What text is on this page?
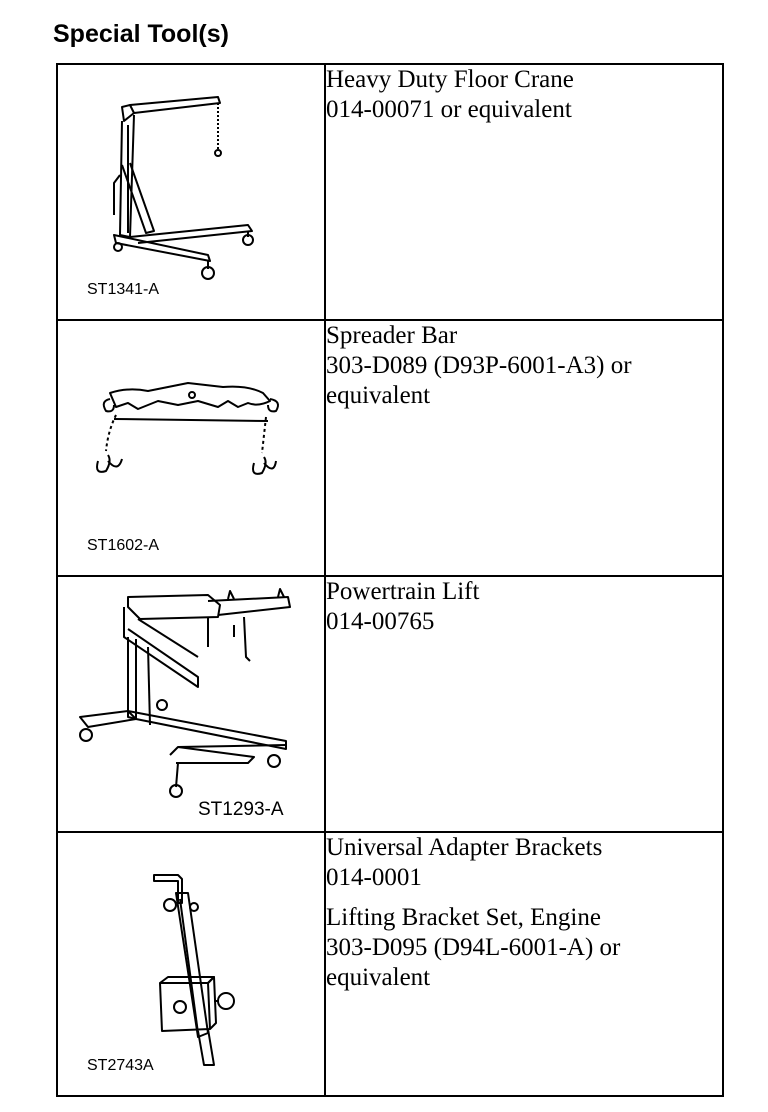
Special Tool(s)
ST1341-A	Heavy Duty Floor Crane
014-00071 or equivalent

ST1602-A	Spreader Bar
303-D089 (D93P-6001-A3) or
equivalent

ST1293-A	Powertrain Lift
014-00765

ST2743A	Universal Adapter Brackets
014-0001
Lifting Bracket Set, Engine
303-D095 (D94L-6001-A) or
equivalent
